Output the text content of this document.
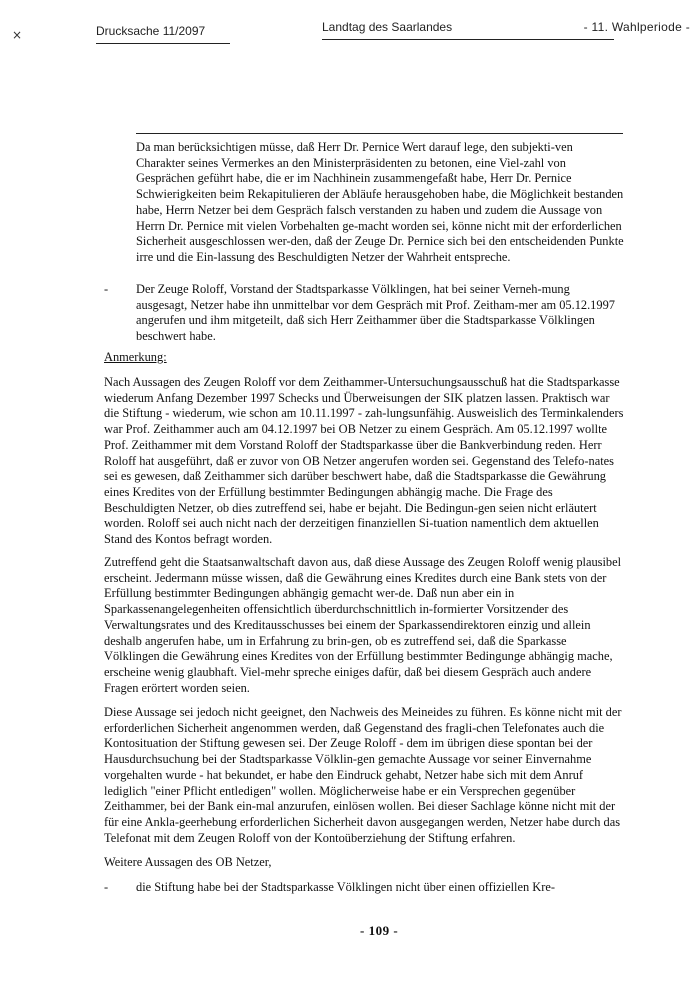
×	Drucksache 11/2097	Landtag des Saarlandes	- 11. Wahlperiode -

Da man berücksichtigen müsse, daß Herr Dr. Pernice Wert darauf lege, den subjekti-ven Charakter seines Vermerkes an den Ministerpräsidenten zu betonen, eine Viel-zahl von Gesprächen geführt habe, die er im Nachhinein zusammengefaßt habe, Herr Dr. Pernice Schwierigkeiten beim Rekapitulieren der Abläufe herausgehoben habe, die Möglichkeit bestanden habe, Herrn Netzer bei dem Gespräch falsch verstanden zu haben und zudem die Aussage von Herrn Dr. Pernice mit vielen Vorbehalten ge-macht worden sei, könne nicht mit der erforderlichen Sicherheit ausgeschlossen wer-den, daß der Zeuge Dr. Pernice sich bei den entscheidenden Punkte irre und die Ein-lassung des Beschuldigten Netzer der Wahrheit entspreche.

- Der Zeuge Roloff, Vorstand der Stadtsparkasse Völklingen, hat bei seiner Verneh-mung ausgesagt, Netzer habe ihn unmittelbar vor dem Gespräch mit Prof. Zeitham-mer am 05.12.1997 angerufen und ihm mitgeteilt, daß sich Herr Zeithammer über die Stadtsparkasse Völklingen beschwert habe.

Anmerkung:

Nach Aussagen des Zeugen Roloff vor dem Zeithammer-Untersuchungsausschuß hat die Stadtsparkasse wiederum Anfang Dezember 1997 Schecks und Überweisungen der SIK platzen lassen. Praktisch war die Stiftung - wiederum, wie schon am 10.11.1997 - zah-lungsunfähig. Ausweislich des Terminkalenders war Prof. Zeithammer auch am 04.12.1997 bei OB Netzer zu einem Gespräch. Am 05.12.1997 wollte Prof. Zeithammer mit dem Vorstand Roloff der Stadtsparkasse über die Bankverbindung reden. Herr Roloff hat ausgeführt, daß er zuvor von OB Netzer angerufen worden sei. Gegenstand des Telefo-nates sei es gewesen, daß Zeithammer sich darüber beschwert habe, daß die Stadtsparkasse die Gewährung eines Kredites von der Erfüllung bestimmter Bedingungen abhängig mache. Die Frage des Beschuldigten Netzer, ob dies zutreffend sei, habe er bejaht. Die Bedingun-gen seien nicht erläutert worden. Roloff sei auch nicht nach der derzeitigen finanziellen Si-tuation namentlich dem aktuellen Stand des Kontos befragt worden.

Zutreffend geht die Staatsanwaltschaft davon aus, daß diese Aussage des Zeugen Roloff wenig plausibel erscheint. Jedermann müsse wissen, daß die Gewährung eines Kredites durch eine Bank stets von der Erfüllung bestimmter Bedingungen abhängig gemacht wer-de. Daß nun aber ein in Sparkassenangelegenheiten offensichtlich überdurchschnittlich in-formierter Vorsitzender des Verwaltungsrates und des Kreditausschusses bei einem der Sparkassendirektoren einzig und allein deshalb angerufen habe, um in Erfahrung zu brin-gen, ob es zutreffend sei, daß die Sparkasse Völklingen die Gewährung eines Kredites von der Erfüllung bestimmter Bedingunge abhängig mache, erscheine wenig glaubhaft. Viel-mehr spreche einiges dafür, daß bei diesem Gespräch auch andere Fragen erörtert worden seien.

Diese Aussage sei jedoch nicht geeignet, den Nachweis des Meineides zu führen. Es könne nicht mit der erforderlichen Sicherheit angenommen werden, daß Gegenstand des fragli-chen Telefonates auch die Kontosituation der Stiftung gewesen sei. Der Zeuge Roloff - dem im übrigen diese spontan bei der Hausdurchsuchung bei der Stadtsparkasse Völklin-gen gemachte Aussage vor seiner Einvernahme vorgehalten wurde - hat bekundet, er habe den Eindruck gehabt, Netzer habe sich mit dem Anruf lediglich "einer Pflicht entledigen" wollen. Möglicherweise habe er ein Versprechen gegenüber Zeithammer, bei der Bank ein-mal anzurufen, einlösen wollen. Bei dieser Sachlage könne nicht mit der für eine Ankla-geerhebung erforderlichen Sicherheit davon ausgegangen werden, Netzer habe durch das Telefonat mit dem Zeugen Roloff von der Kontoüberziehung der Stiftung erfahren.

Weitere Aussagen des OB Netzer,

- die Stiftung habe bei der Stadtsparkasse Völklingen nicht über einen offiziellen Kre-

- 109 -
